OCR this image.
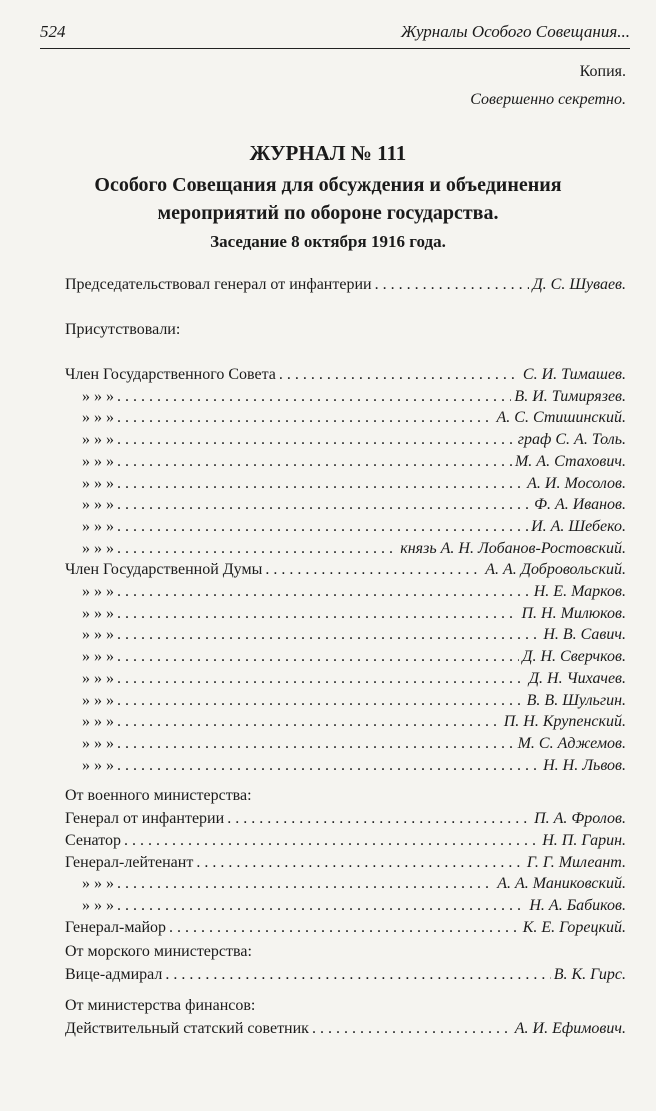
524	Журналы Особого Совещания...
Копия.
Совершенно секретно.
ЖУРНАЛ № 111
Особого Совещания для обсуждения и объединения
мероприятий по обороне государства.
Заседание 8 октября 1916 года.
Председательствовал генерал от инфантерии . . .	Д. С. Шуваев.
Присутствовали:
Член Государственного Совета . . .	С. И. Тимашев.
» » » . . .	В. И. Тимирязев.
» » » . . .	А. С. Стишинский.
» » » . . .	граф С. А. Толь.
» » » . . .	М. А. Стахович.
» » » . . .	А. И. Мосолов.
» » » . . .	Ф. А. Иванов.
» » » . . .	И. А. Шебеко.
» » » . . .	князь А. Н. Лобанов-Ростовский.
Член Государственной Думы . . .	А. А. Добровольский.
» » » . . .	Н. Е. Марков.
» » » . . .	П. Н. Милюков.
» » » . . .	Н. В. Савич.
» » » . . .	Д. Н. Сверчков.
» » » . . .	Д. Н. Чихачев.
» » » . . .	В. В. Шульгин.
» » » . . .	П. Н. Крупенский.
» » » . . .	М. С. Аджемов.
» » » . . .	Н. Н. Львов.
От военного министерства:
Генерал от инфантерии . . .	П. А. Фролов.
Сенатор . . .	Н. П. Гарин.
Генерал-лейтенант . . .	Г. Г. Милеант.
» » » . . .	А. А. Маниковский.
» » » . . .	Н. А. Бабиков.
Генерал-майор . . .	К. Е. Горецкий.
От морского министерства:
Вице-адмирал . . .	В. К. Гирс.
От министерства финансов:
Действительный статский советник . . .	А. И. Ефимович.
